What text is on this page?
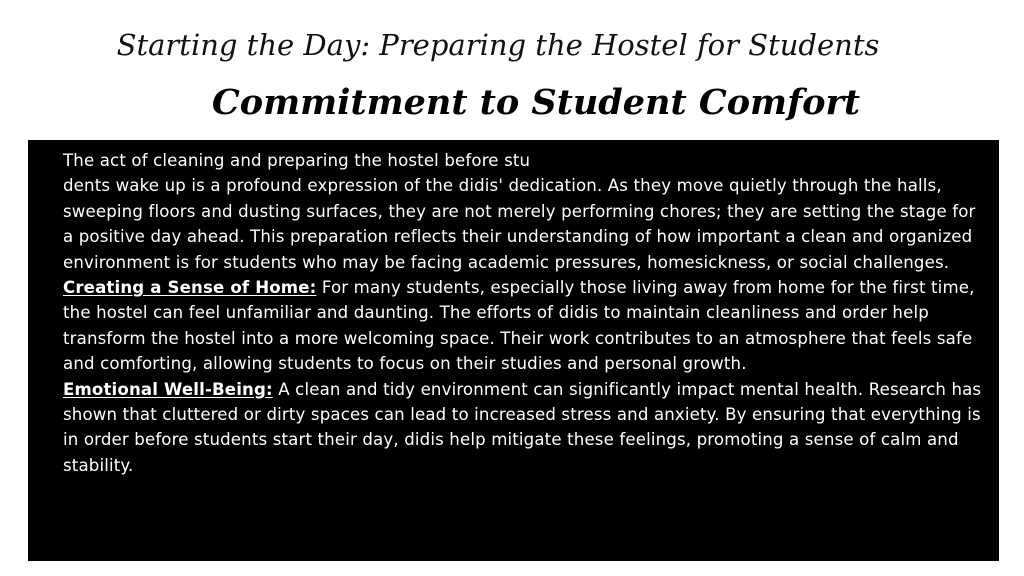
Starting the Day: Preparing the Hostel for Students
Commitment to Student Comfort

The act of cleaning and preparing the hostel before stu
dents wake up is a profound expression of the didis' dedication. As they move quietly through the halls, sweeping floors and dusting surfaces, they are not merely performing chores; they are setting the stage for a positive day ahead. This preparation reflects their understanding of how important a clean and organized environment is for students who may be facing academic pressures, homesickness, or social challenges.

Creating a Sense of Home: For many students, especially those living away from home for the first time, the hostel can feel unfamiliar and daunting. The efforts of didis to maintain cleanliness and order help transform the hostel into a more welcoming space. Their work contributes to an atmosphere that feels safe and comforting, allowing students to focus on their studies and personal growth.

Emotional Well-Being: A clean and tidy environment can significantly impact mental health. Research has shown that cluttered or dirty spaces can lead to increased stress and anxiety. By ensuring that everything is in order before students start their day, didis help mitigate these feelings, promoting a sense of calm and stability.
